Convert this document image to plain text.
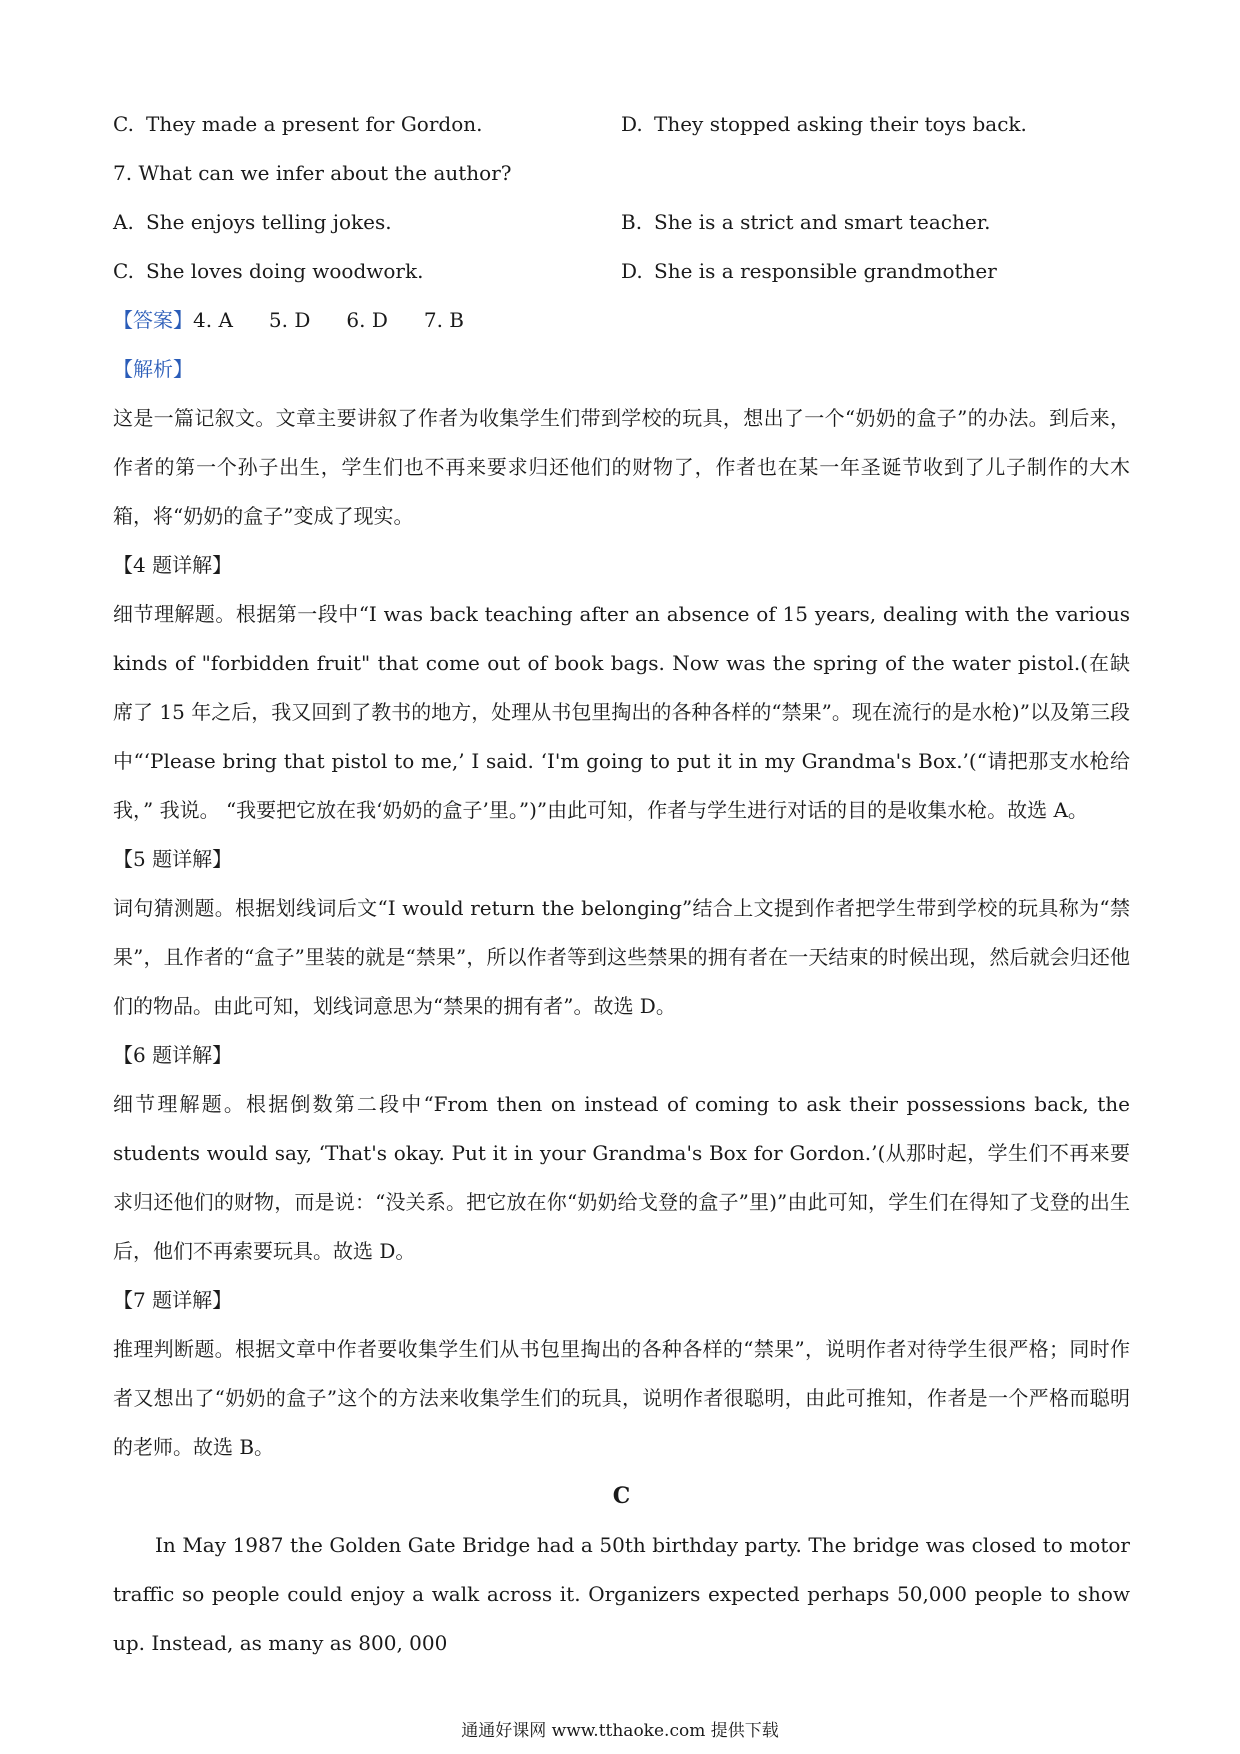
C. They made a present for Gordon.	D. They stopped asking their toys back.
7. What can we infer about the author?
A. She enjoys telling jokes.	B. She is a strict and smart teacher.
C. She loves doing woodwork.	D. She is a responsible grandmother
【答案】4. A 5. D 6. D 7. B
【解析】
这是一篇记叙文。文章主要讲叙了作者为收集学生们带到学校的玩具，想出了一个“奶奶的盒子”的办法。到后来，作者的第一个孙子出生，学生们也不再来要求归还他们的财物了，作者也在某一年圣诞节收到了儿子制作的大木箱，将“奶奶的盒子”变成了现实。
【4 题详解】
细节理解题。根据第一段中“I was back teaching after an absence of 15 years, dealing with the various kinds of "forbidden fruit" that come out of book bags. Now was the spring of the water pistol.(在缺席了 15 年之后，我又回到了教书的地方，处理从书包里掏出的各种各样的“禁果”。现在流行的是水枪)”以及第三段中“‘Please bring that pistol to me,’ I said. ‘I'm going to put it in my Grandma's Box.’(“请把那支水枪给我，” 我说。 “我要把它放在我‘奶奶的盒子’里。”)”由此可知，作者与学生进行对话的目的是收集水枪。故选 A。
【5 题详解】
词句猜测题。根据划线词后文“I would return the belonging”结合上文提到作者把学生带到学校的玩具称为“禁果”，且作者的“盒子”里装的就是“禁果”，所以作者等到这些禁果的拥有者在一天结束的时候出现，然后就会归还他们的物品。由此可知，划线词意思为“禁果的拥有者”。故选 D。
【6 题详解】
细节理解题。根据倒数第二段中“From then on instead of coming to ask their possessions back, the students would say, ‘That's okay. Put it in your Grandma's Box for Gordon.’(从那时起，学生们不再来要求归还他们的财物，而是说：“没关系。把它放在你“奶奶给戈登的盒子”里)”由此可知，学生们在得知了戈登的出生后，他们不再索要玩具。故选 D。
【7 题详解】
推理判断题。根据文章中作者要收集学生们从书包里掏出的各种各样的“禁果”，说明作者对待学生很严格；同时作者又想出了“奶奶的盒子”这个的方法来收集学生们的玩具，说明作者很聪明，由此可推知，作者是一个严格而聪明的老师。故选 B。
C
In May 1987 the Golden Gate Bridge had a 50th birthday party. The bridge was closed to motor traffic so people could enjoy a walk across it. Organizers expected perhaps 50,000 people to show up. Instead, as many as 800, 000
通通好课网 www.tthaoke.com 提供下载
